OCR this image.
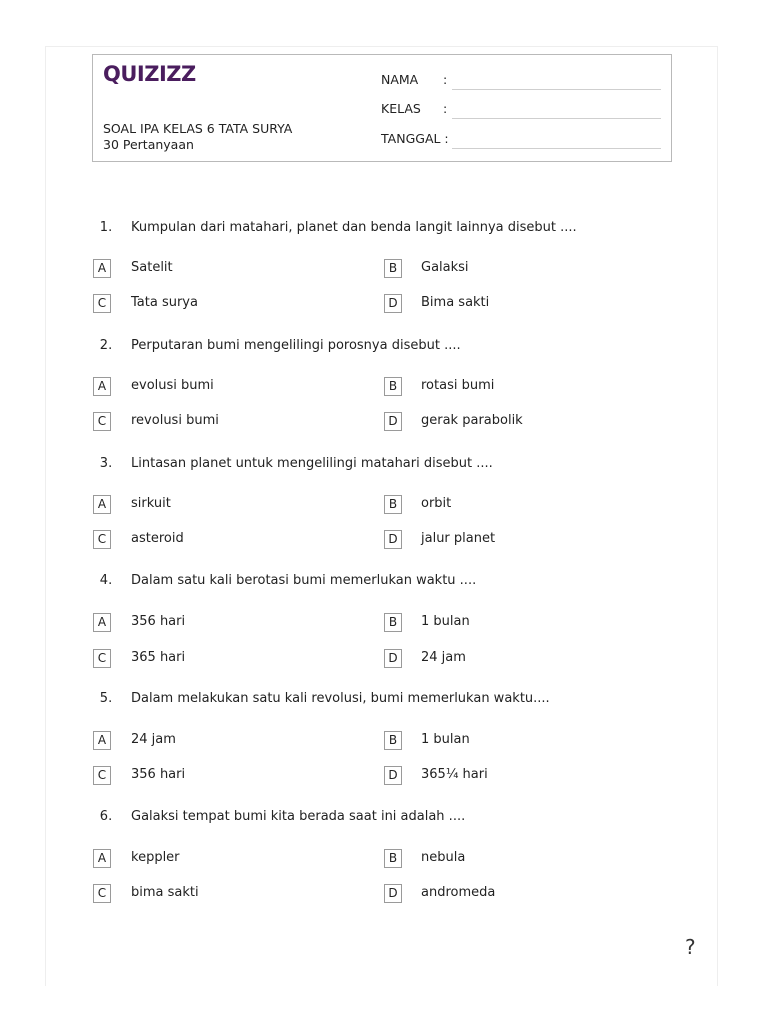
QUIZIZZ
SOAL IPA KELAS 6 TATA SURYA
30 Pertanyaan
NAMA :
KELAS :
TANGGAL :
1. Kumpulan dari matahari, planet dan benda langit lainnya disebut ....
A	Satelit	B	Galaksi
C	Tata surya	D	Bima sakti
2. Perputaran bumi mengelilingi porosnya disebut ....
A	evolusi bumi	B	rotasi bumi
C	revolusi bumi	D	gerak parabolik
3. Lintasan planet untuk mengelilingi matahari disebut ....
A	sirkuit	B	orbit
C	asteroid	D	jalur planet
4. Dalam satu kali berotasi bumi memerlukan waktu ....
A	356 hari	B	1 bulan
C	365 hari	D	24 jam
5. Dalam melakukan satu kali revolusi, bumi memerlukan waktu....
A	24 jam	B	1 bulan
C	356 hari	D	365¼ hari
6. Galaksi tempat bumi kita berada saat ini adalah ....
A	keppler	B	nebula
C	bima sakti	D	andromeda
?
